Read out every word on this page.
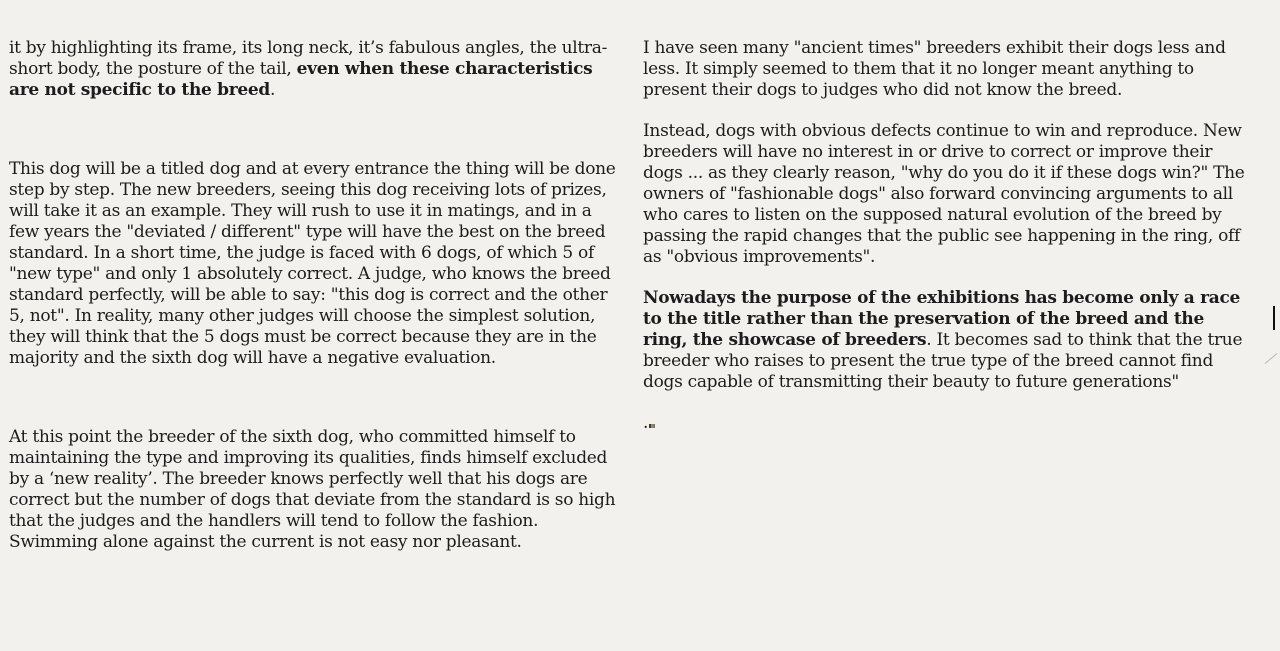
it by highlighting its frame, its long neck, it’s fabulous angles, the ultra-short body, the posture of the tail, even when these characteristics are not specific to the breed.

This dog will be a titled dog and at every entrance the thing will be done step by step. The new breeders, seeing this dog receiving lots of prizes, will take it as an example. They will rush to use it in matings, and in a few years the "deviated / different" type will have the best on the breed standard. In a short time, the judge is faced with 6 dogs, of which 5 of "new type" and only 1 absolutely correct. A judge, who knows the breed standard perfectly, will be able to say: "this dog is correct and the other 5, not". In reality, many other judges will choose the simplest solution, they will think that the 5 dogs must be correct because they are in the majority and the sixth dog will have a negative evaluation.

At this point the breeder of the sixth dog, who committed himself to maintaining the type and improving its qualities, finds himself excluded by a ‘new reality’. The breeder knows perfectly well that his dogs are correct but the number of dogs that deviate from the standard is so high that the judges and the handlers will tend to follow the fashion. Swimming alone against the current is not easy nor pleasant.

I have seen many "ancient times" breeders exhibit their dogs less and less. It simply seemed to them that it no longer meant anything to present their dogs to judges who did not know the breed.

Instead, dogs with obvious defects continue to win and reproduce. New breeders will have no interest in or drive to correct or improve their dogs ... as they clearly reason, "why do you do it if these dogs win?" The owners of "fashionable dogs" also forward convincing arguments to all who cares to listen on the supposed natural evolution of the breed by passing the rapid changes that the public see happening in the ring, off as "obvious improvements".

Nowadays the purpose of the exhibitions has become only a race to the title rather than the preservation of the breed and the ring, the showcase of breeders. It becomes sad to think that the true breeder who raises to present the true type of the breed cannot find dogs capable of transmitting their beauty to future generations"

.
